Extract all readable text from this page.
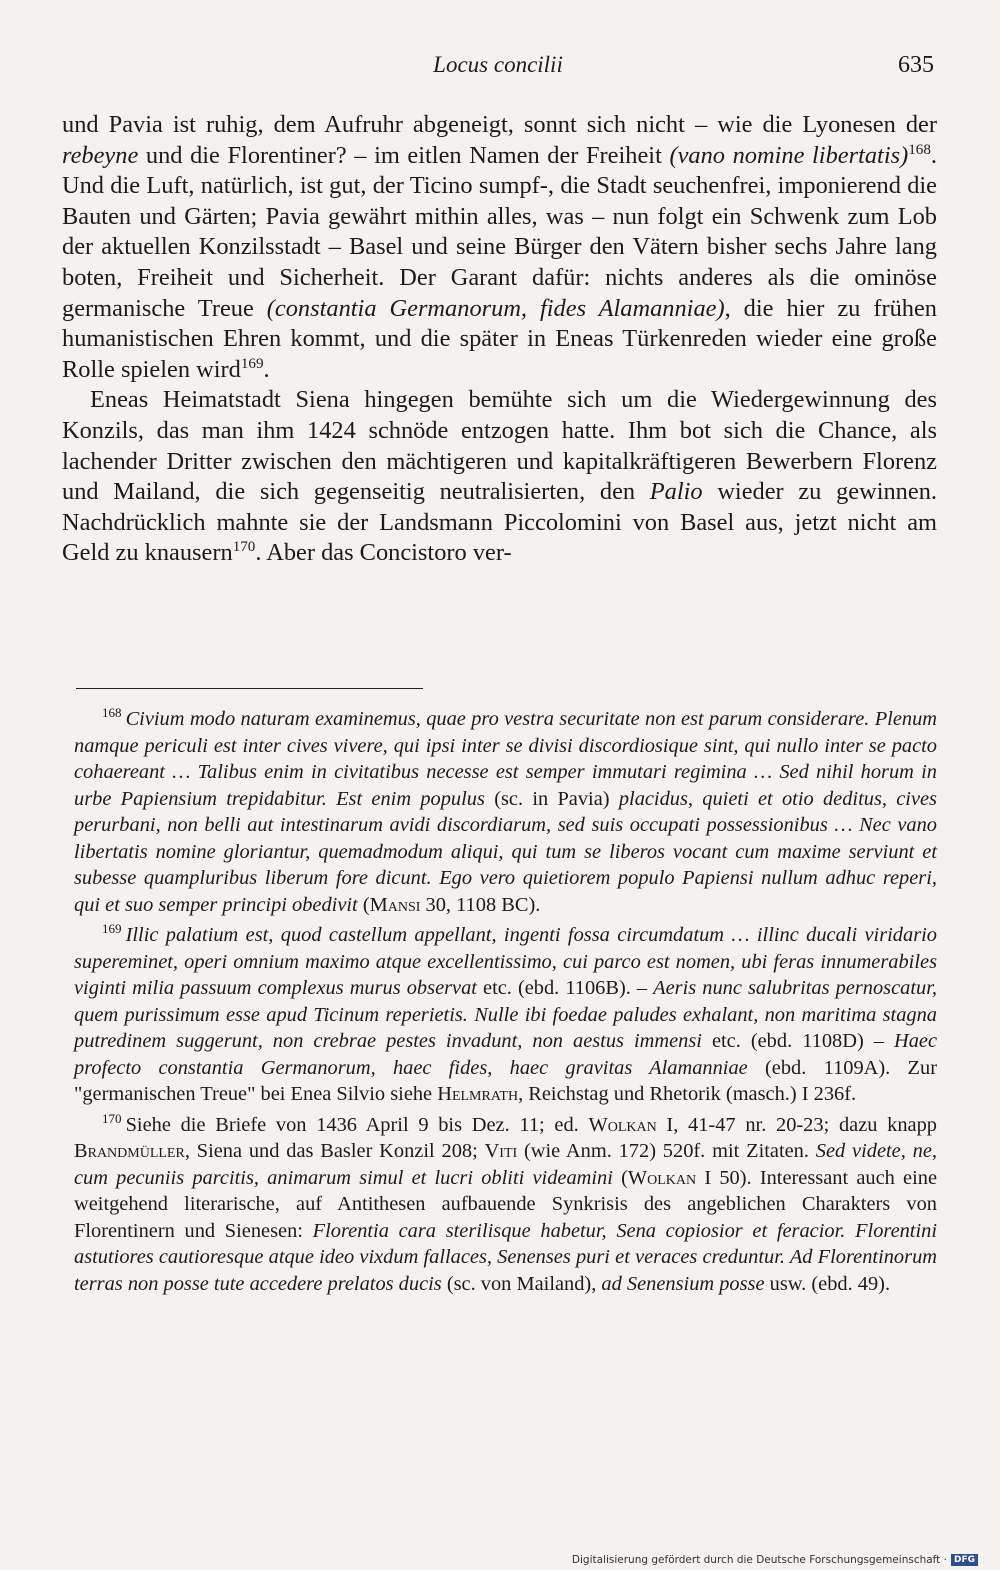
Locus concilii	635

und Pavia ist ruhig, dem Aufruhr abgeneigt, sonnt sich nicht – wie die Lyonesen der rebeyne und die Florentiner? – im eitlen Namen der Freiheit (vano nomine libertatis)$^{168}$. Und die Luft, natürlich, ist gut, der Ticino sumpf-, die Stadt seuchenfrei, imponierend die Bauten und Gärten; Pavia gewährt mithin alles, was – nun folgt ein Schwenk zum Lob der aktuellen Konzilsstadt – Basel und seine Bürger den Vätern bisher sechs Jahre lang boten, Freiheit und Sicherheit. Der Garant dafür: nichts anderes als die ominöse germanische Treue (constantia Germanorum, fides Alamanniae), die hier zu frühen humanistischen Ehren kommt, und die später in Eneas Türkenreden wieder eine große Rolle spielen wird$^{169}$.

Eneas Heimatstadt Siena hingegen bemühte sich um die Wiedergewinnung des Konzils, das man ihm 1424 schnöde entzogen hatte. Ihm bot sich die Chance, als lachender Dritter zwischen den mächtigeren und kapitalkräftigeren Bewerbern Florenz und Mailand, die sich gegenseitig neutralisierten, den Palio wieder zu gewinnen. Nachdrücklich mahnte sie der Landsmann Piccolomini von Basel aus, jetzt nicht am Geld zu knausern$^{170}$. Aber das Concistoro ver-

$^{168}$ Civium modo naturam examinemus, quae pro vestra securitate non est parum considerare. Plenum namque periculi est inter cives vivere, qui ipsi inter se divisi discordiosique sint, qui nullo inter se pacto cohaereant … Talibus enim in civitatibus necesse est semper immutari regimina … Sed nihil horum in urbe Papiensium trepidabitur. Est enim populus (sc. in Pavia) placidus, quieti et otio deditus, cives perurbani, non belli aut intestinarum avidi discordiarum, sed suis occupati possessionibus … Nec vano libertatis nomine gloriantur, quemadmodum aliqui, qui tum se liberos vocant cum maxime serviunt et subesse quampluribus liberum fore dicunt. Ego vero quietiorem populo Papiensi nullum adhuc reperi, qui et suo semper principi obedivit (Mansi 30, 1108 BC).

$^{169}$ Illic palatium est, quod castellum appellant, ingenti fossa circumdatum … illinc ducali viridario supereminet, operi omnium maximo atque excellentissimo, cui parco est nomen, ubi feras innumerabiles viginti milia passuum complexus murus observat etc. (ebd. 1106B). – Aeris nunc salubritas pernoscatur, quem purissimum esse apud Ticinum reperietis. Nulle ibi foedae paludes exhalant, non maritima stagna putredinem suggerunt, non crebrae pestes invadunt, non aestus immensi etc. (ebd. 1108D) – Haec profecto constantia Germanorum, haec fides, haec gravitas Alamanniae (ebd. 1109A). Zur "germanischen Treue" bei Enea Silvio siehe Helmrath, Reichstag und Rhetorik (masch.) I 236f.

$^{170}$ Siehe die Briefe von 1436 April 9 bis Dez. 11; ed. Wolkan I, 41-47 nr. 20-23; dazu knapp Brandmüller, Siena und das Basler Konzil 208; Viti (wie Anm. 172) 520f. mit Zitaten. Sed videte, ne, cum pecuniis parcitis, animarum simul et lucri obliti videamini (Wolkan I 50). Interessant auch eine weitgehend literarische, auf Antithesen aufbauende Synkrisis des angeblichen Charakters von Florentinern und Sienesen: Florentia cara sterilisque habetur, Sena copiosior et feracior. Florentini astutiores cautioresque atque ideo vixdum fallaces, Senenses puri et veraces creduntur. Ad Florentinorum terras non posse tute accedere prelatos ducis (sc. von Mailand), ad Senensium posse usw. (ebd. 49).

Digitalisierung gefördert durch die Deutsche Forschungsgemeinschaft · DFG
